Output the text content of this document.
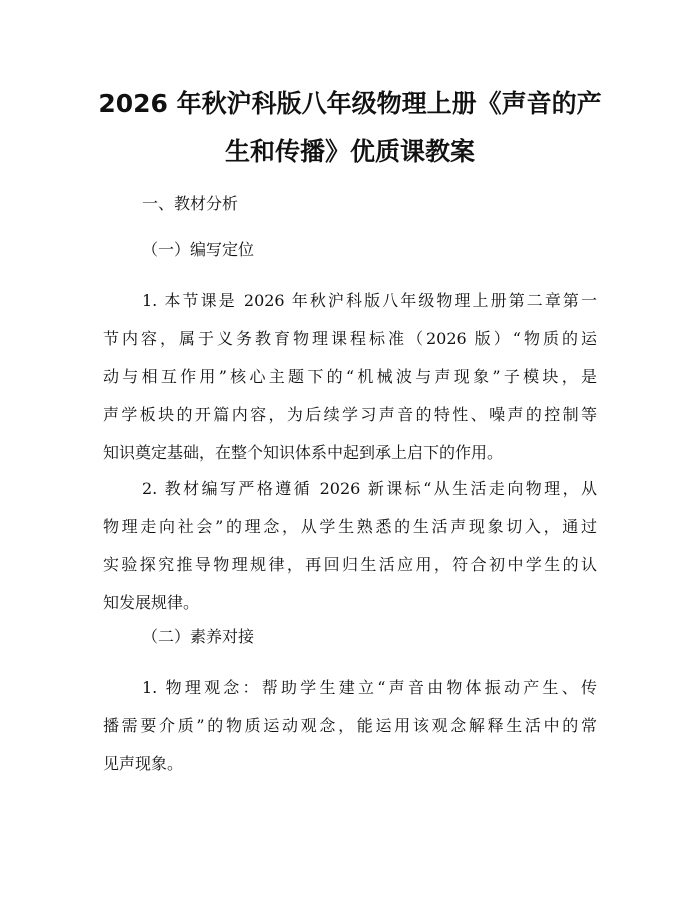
2026 年秋沪科版八年级物理上册《声音的产
生和传播》优质课教案

一、教材分析

（一）编写定位

1. 本节课是 2026 年秋沪科版八年级物理上册第二章第一
节内容，属于义务教育物理课程标准（2026 版）“物质的运
动与相互作用”核心主题下的“机械波与声现象”子模块，是
声学板块的开篇内容，为后续学习声音的特性、噪声的控制等
知识奠定基础，在整个知识体系中起到承上启下的作用。
2. 教材编写严格遵循 2026 新课标“从生活走向物理，从
物理走向社会”的理念，从学生熟悉的生活声现象切入，通过
实验探究推导物理规律，再回归生活应用，符合初中学生的认
知发展规律。

（二）素养对接

1. 物理观念：帮助学生建立“声音由物体振动产生、传
播需要介质”的物质运动观念，能运用该观念解释生活中的常
见声现象。
